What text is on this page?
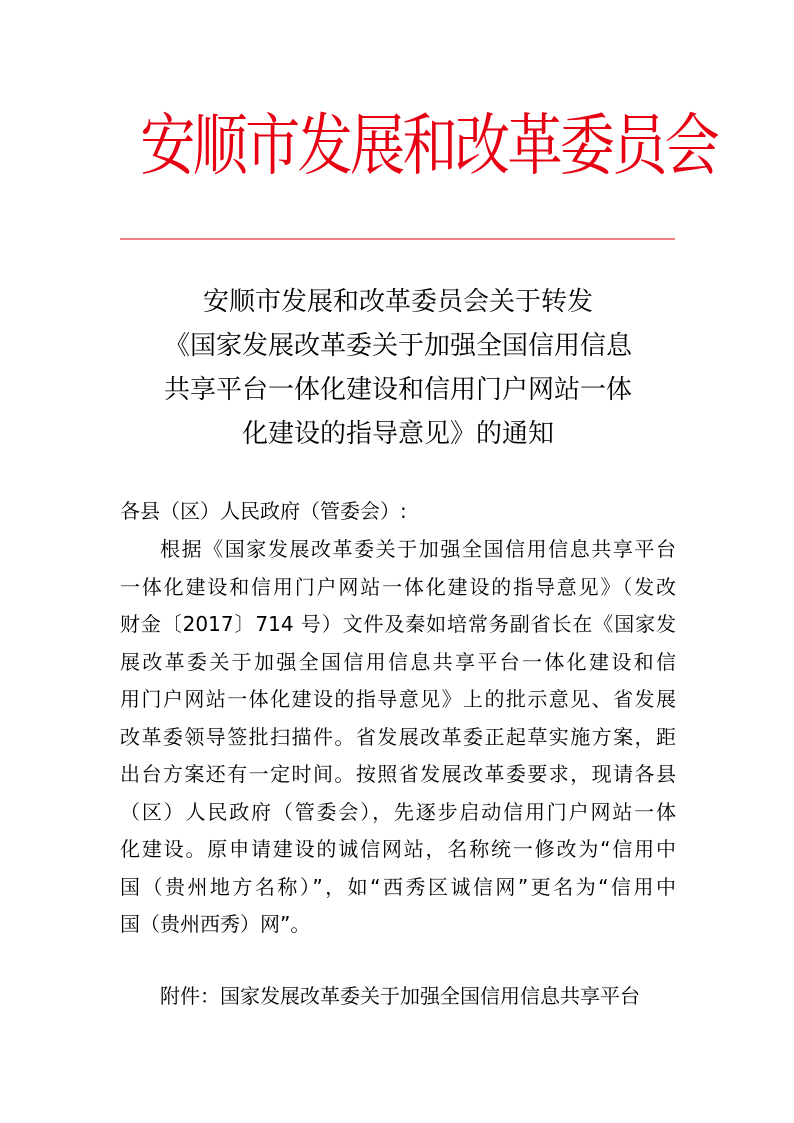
安顺市发展和改革委员会
安顺市发展和改革委员会关于转发
《国家发展改革委关于加强全国信用信息
共享平台一体化建设和信用门户网站一体
化建设的指导意见》的通知
各县（区）人民政府（管委会）:
根据《国家发展改革委关于加强全国信用信息共享平台
一体化建设和信用门户网站一体化建设的指导意见》（发改
财金〔2017〕714 号）文件及秦如培常务副省长在《国家发
展改革委关于加强全国信用信息共享平台一体化建设和信
用门户网站一体化建设的指导意见》上的批示意见、省发展
改革委领导签批扫描件。省发展改革委正起草实施方案，距
出台方案还有一定时间。按照省发展改革委要求，现请各县
（区）人民政府（管委会），先逐步启动信用门户网站一体
化建设。原申请建设的诚信网站，名称统一修改为“信用中
国（贵州地方名称）”，如“西秀区诚信网”更名为“信用中
国（贵州西秀）网”。
附件：国家发展改革委关于加强全国信用信息共享平台
